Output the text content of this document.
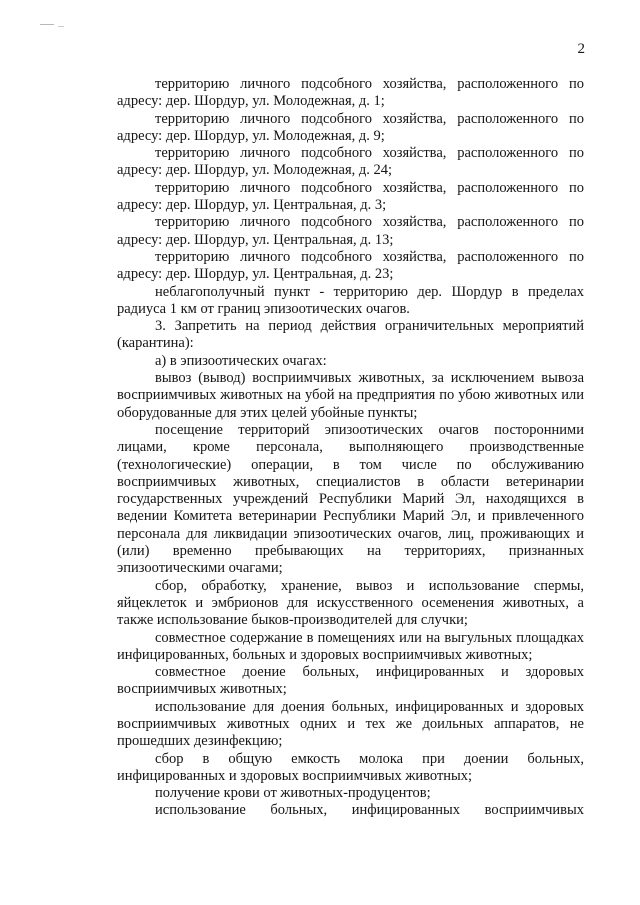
2

территорию личного подсобного хозяйства, расположенного по адресу: дер. Шордур, ул. Молодежная, д. 1;

территорию личного подсобного хозяйства, расположенного по адресу: дер. Шордур, ул. Молодежная, д. 9;

территорию личного подсобного хозяйства, расположенного по адресу: дер. Шордур, ул. Молодежная, д. 24;

территорию личного подсобного хозяйства, расположенного по адресу: дер. Шордур, ул. Центральная, д. 3;

территорию личного подсобного хозяйства, расположенного по адресу: дер. Шордур, ул. Центральная, д. 13;

территорию личного подсобного хозяйства, расположенного по адресу: дер. Шордур, ул. Центральная, д. 23;

неблагополучный пункт - территорию дер. Шордур в пределах радиуса 1 км от границ эпизоотических очагов.

3. Запретить на период действия ограничительных мероприятий (карантина):

а) в эпизоотических очагах:

вывоз (вывод) восприимчивых животных, за исключением вывоза восприимчивых животных на убой на предприятия по убою животных или оборудованные для этих целей убойные пункты;

посещение территорий эпизоотических очагов посторонними лицами, кроме персонала, выполняющего производственные (технологические) операции, в том числе по обслуживанию восприимчивых животных, специалистов в области ветеринарии государственных учреждений Республики Марий Эл, находящихся в ведении Комитета ветеринарии Республики Марий Эл, и привлеченного персонала для ликвидации эпизоотических очагов, лиц, проживающих и (или) временно пребывающих на территориях, признанных эпизоотическими очагами;

сбор, обработку, хранение, вывоз и использование спермы, яйцеклеток и эмбрионов для искусственного осеменения животных, а также использование быков-производителей для случки;

совместное содержание в помещениях или на выгульных площадках инфицированных, больных и здоровых восприимчивых животных;

совместное доение больных, инфицированных и здоровых восприимчивых животных;

использование для доения больных, инфицированных и здоровых восприимчивых животных одних и тех же доильных аппаратов, не прошедших дезинфекцию;

сбор в общую емкость молока при доении больных, инфицированных и здоровых восприимчивых животных;

получение крови от животных-продуцентов;

использование больных, инфицированных восприимчивых
